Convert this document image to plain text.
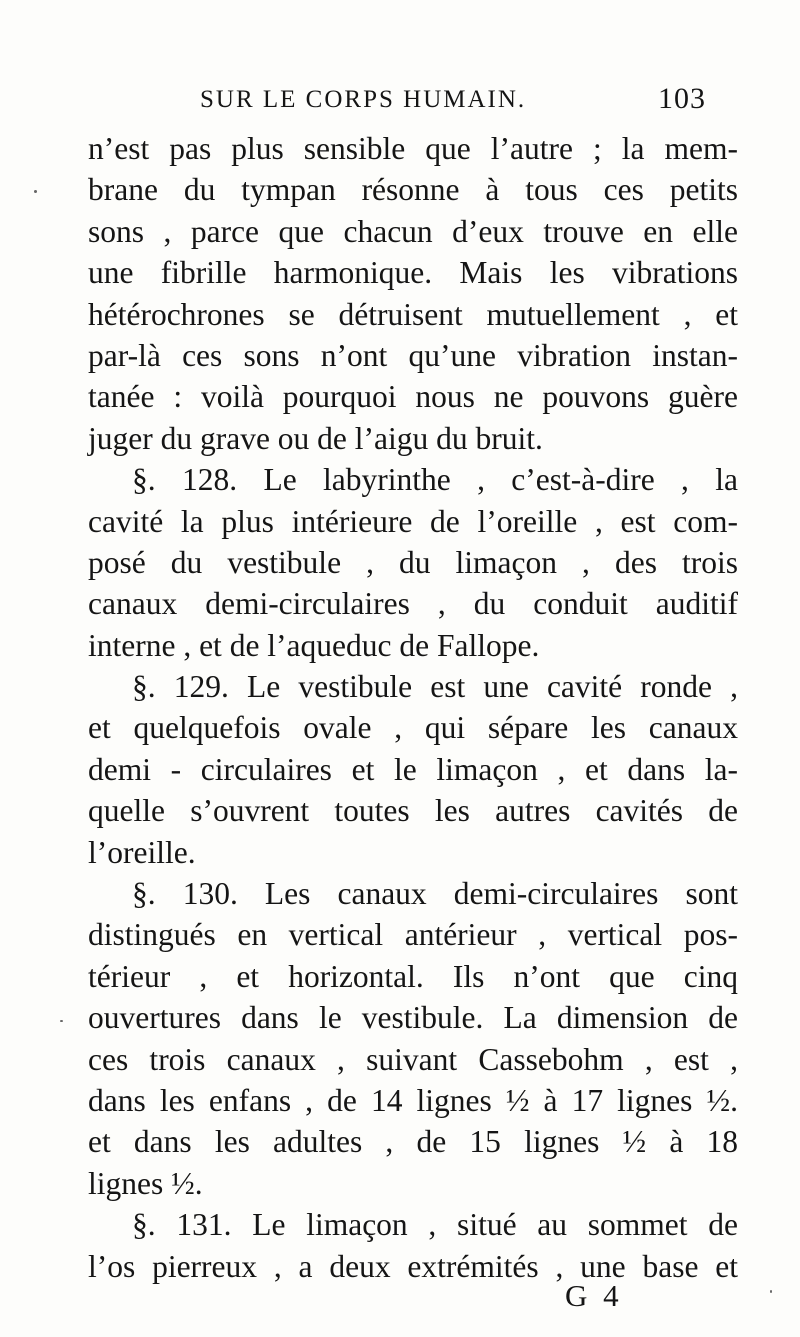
SUR LE CORPS HUMAIN.	103
n’est pas plus sensible que l’autre ; la mem-
brane du tympan résonne à tous ces petits
sons , parce que chacun d’eux trouve en elle
une fibrille harmonique. Mais les vibrations
hétérochrones se détruisent mutuellement , et
par-là ces sons n’ont qu’une vibration instan-
tanée : voilà pourquoi nous ne pouvons guère
juger du grave ou de l’aigu du bruit.
§. 128. Le labyrinthe , c’est-à-dire , la
cavité la plus intérieure de l’oreille , est com-
posé du vestibule , du limaçon , des trois
canaux demi-circulaires , du conduit auditif
interne , et de l’aqueduc de Fallope.
§. 129. Le vestibule est une cavité ronde ,
et quelquefois ovale , qui sépare les canaux
demi - circulaires et le limaçon , et dans la-
quelle s’ouvrent toutes les autres cavités de
l’oreille.
§. 130. Les canaux demi-circulaires sont
distingués en vertical antérieur , vertical pos-
térieur , et horizontal. Ils n’ont que cinq
ouvertures dans le vestibule. La dimension de
ces trois canaux , suivant Cassebohm , est ,
dans les enfans , de 14 lignes ½ à 17 lignes ½.
et dans les adultes , de 15 lignes ½ à 18
lignes ½.
§. 131. Le limaçon , situé au sommet de
l’os pierreux , a deux extrémités , une base et
G 4
